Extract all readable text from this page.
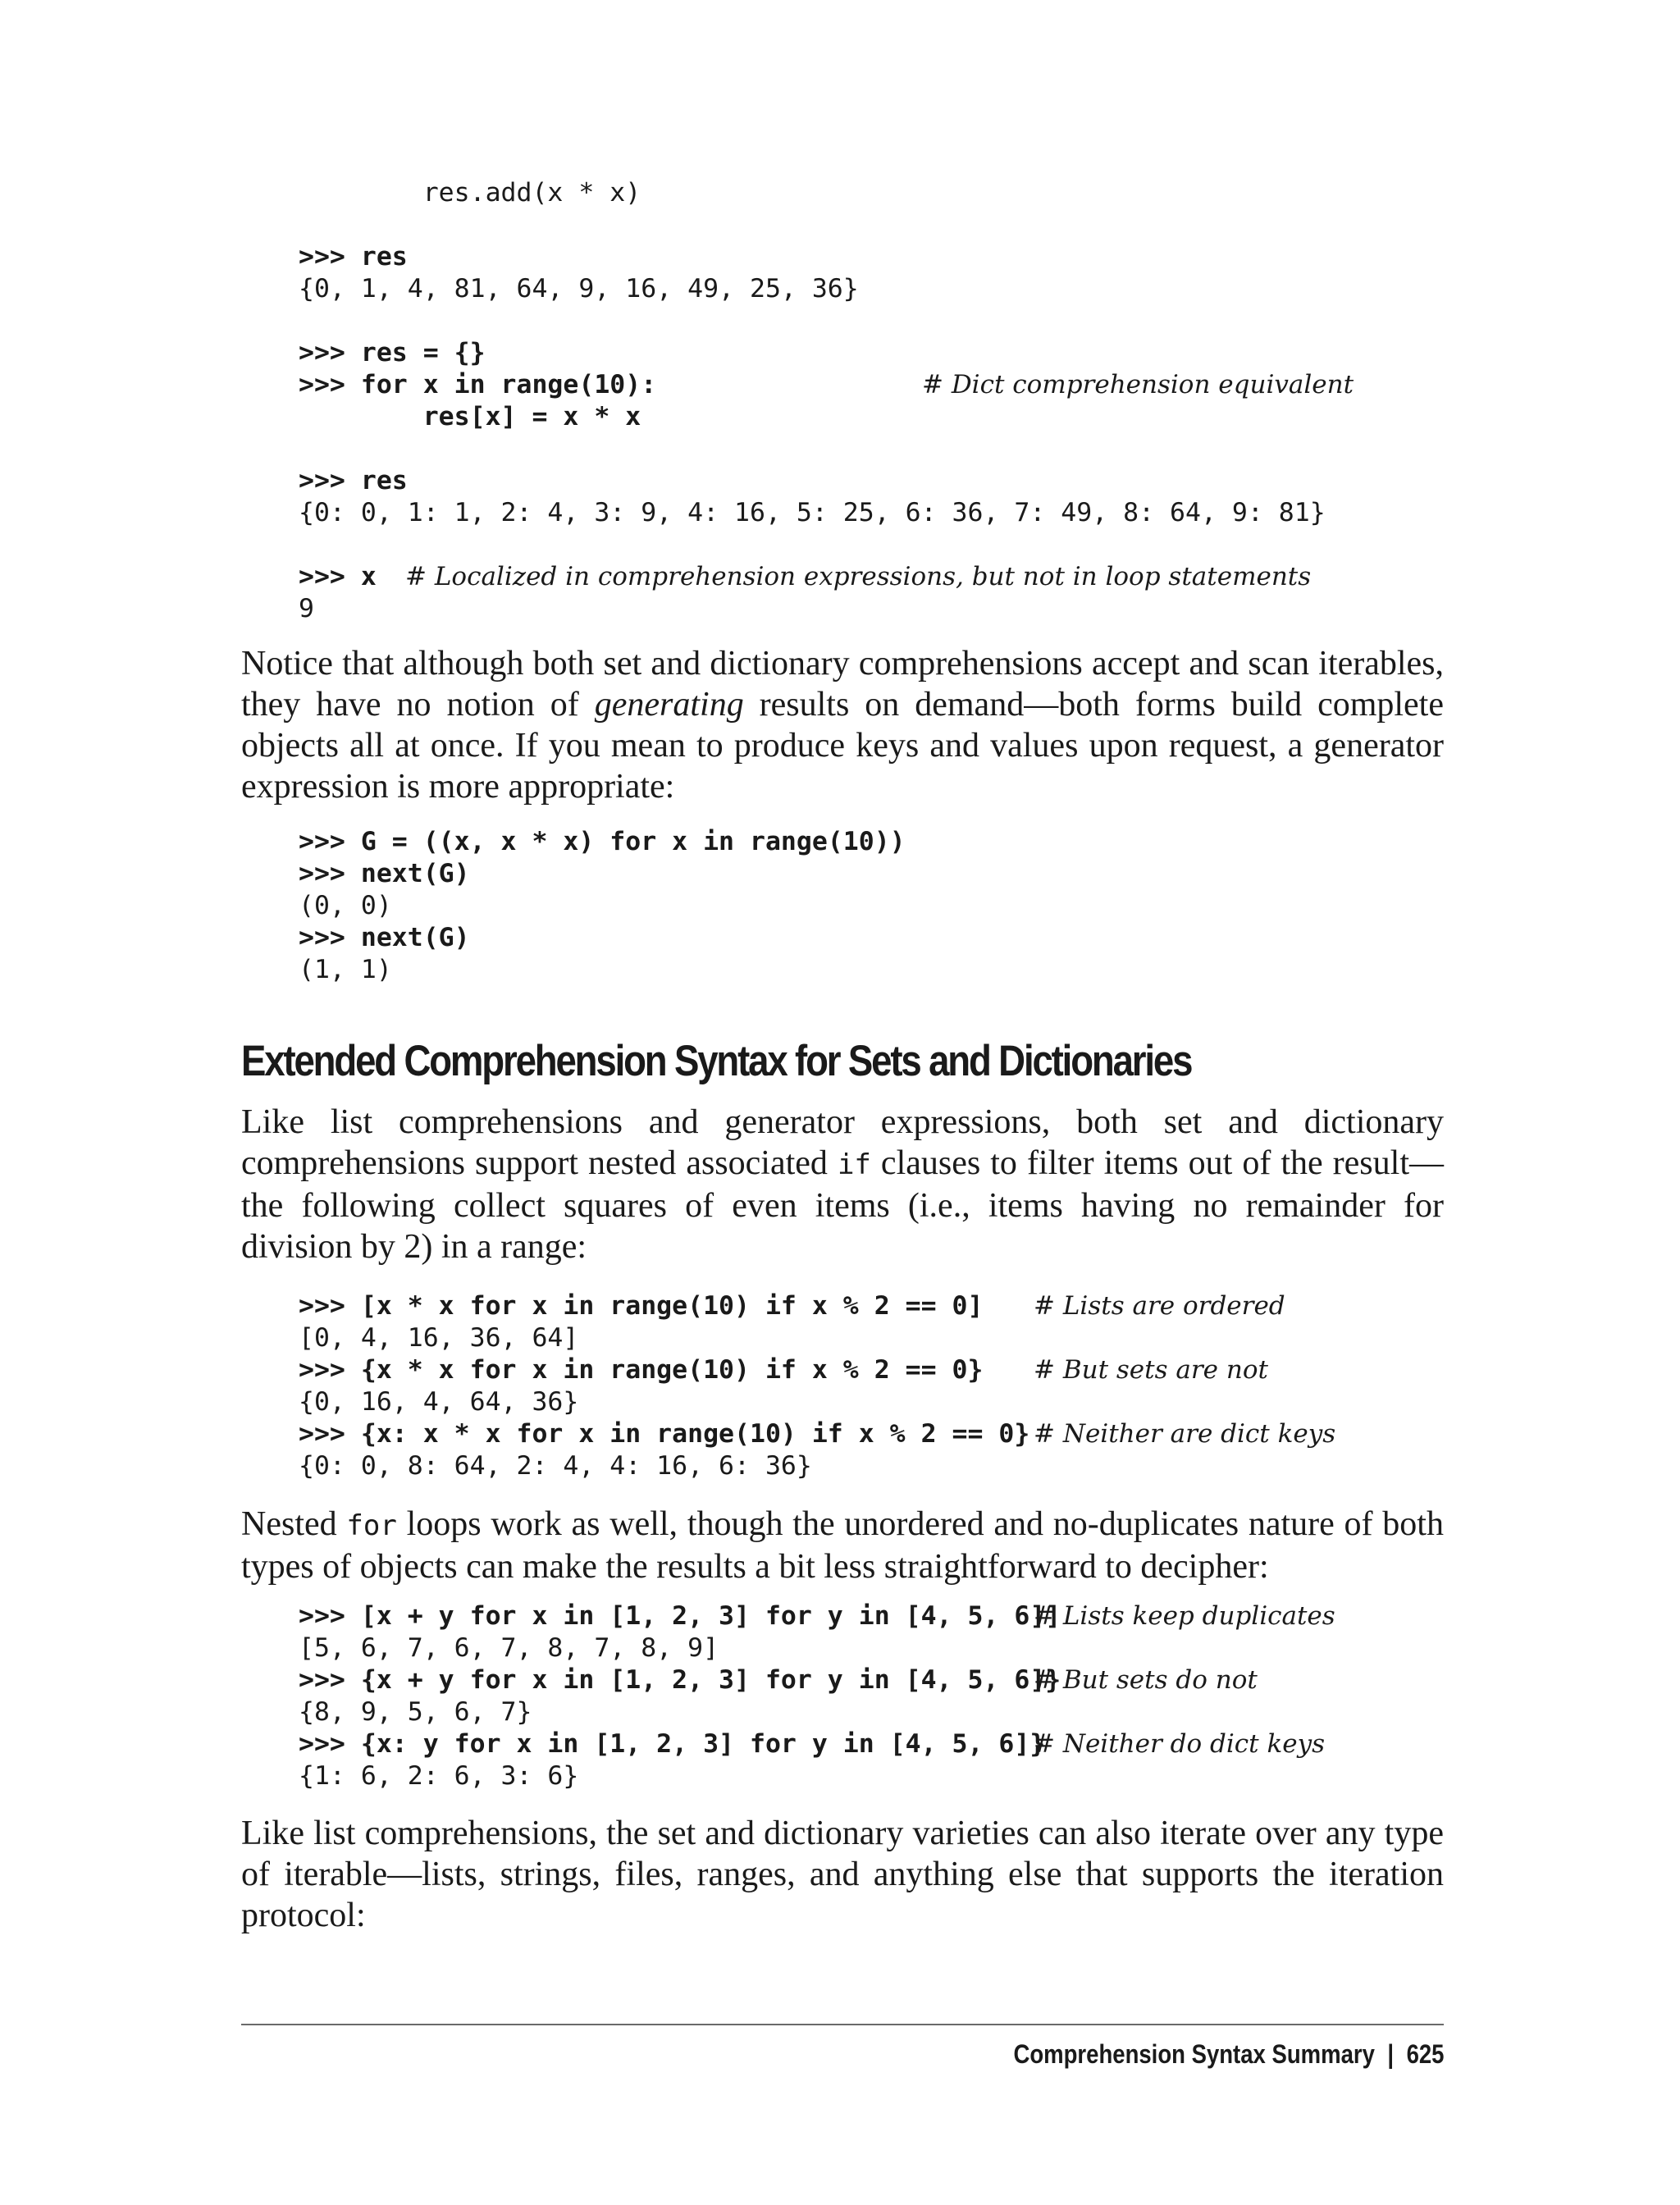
res.add(x * x)
>>> res
{0, 1, 4, 81, 64, 9, 16, 49, 25, 36}
>>> res = {}
>>> for x in range(10):	# Dict comprehension equivalent
res[x] = x * x
>>> res
{0: 0, 1: 1, 2: 4, 3: 9, 4: 16, 5: 25, 6: 36, 7: 49, 8: 64, 9: 81}
>>> x # Localized in comprehension expressions, but not in loop statements
9

Notice that although both set and dictionary comprehensions accept and scan iterables, they have no notion of generating results on demand—both forms build complete objects all at once. If you mean to produce keys and values upon request, a generator expression is more appropriate:

>>> G = ((x, x * x) for x in range(10))
>>> next(G)
(0, 0)
>>> next(G)
(1, 1)
Extended Comprehension Syntax for Sets and Dictionaries

Like list comprehensions and generator expressions, both set and dictionary comprehensions support nested associated if clauses to filter items out of the result—the following collect squares of even items (i.e., items having no remainder for division by 2) in a range:

>>> [x * x for x in range(10) if x % 2 == 0] # Lists are ordered
[0, 4, 16, 36, 64]
>>> {x * x for x in range(10) if x % 2 == 0} # But sets are not
{0, 16, 4, 64, 36}
>>> {x: x * x for x in range(10) if x % 2 == 0} # Neither are dict keys
{0: 0, 8: 64, 2: 4, 4: 16, 6: 36}

Nested for loops work as well, though the unordered and no-duplicates nature of both types of objects can make the results a bit less straightforward to decipher:

>>> [x + y for x in [1, 2, 3] for y in [4, 5, 6]]
# Lists keep duplicates
[5, 6, 7, 6, 7, 8, 7, 8, 9]
>>> {x + y for x in [1, 2, 3] for y in [4, 5, 6]}
# But sets do not
{8, 9, 5, 6, 7}
>>> {x: y for x in [1, 2, 3] for y in [4, 5, 6]}
# Neither do dict keys
{1: 6, 2: 6, 3: 6}

Like list comprehensions, the set and dictionary varieties can also iterate over any type of iterable—lists, strings, files, ranges, and anything else that supports the iteration protocol:

Comprehension Syntax Summary | 625
